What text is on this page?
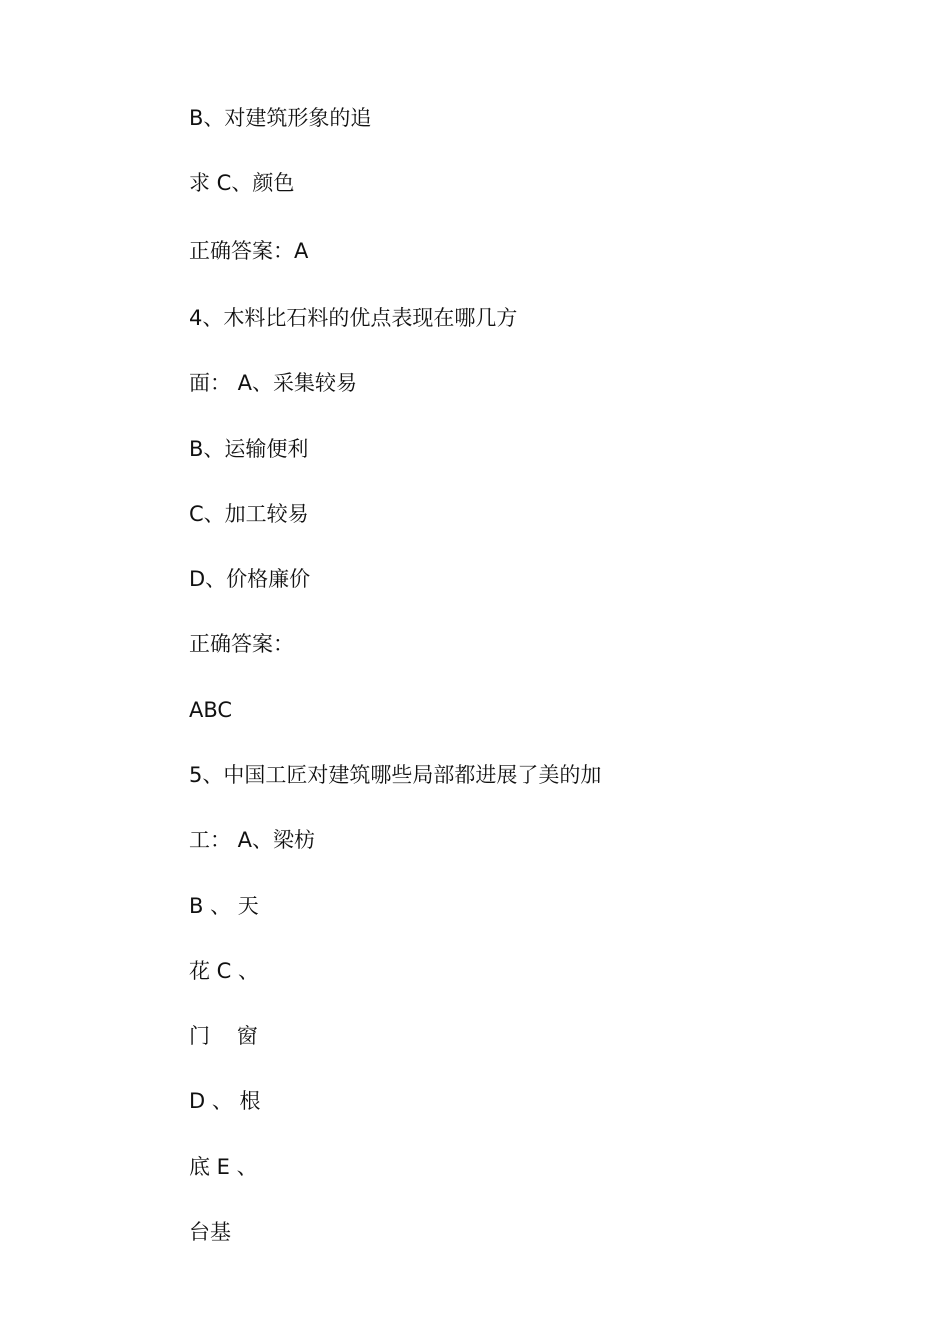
B、对建筑形象的追

求 C、颜色

正确答案：A

4、木料比石料的优点表现在哪几方

面： A、采集较易

B、运输便利

C、加工较易

D、价格廉价

正确答案：

ABC

5、中国工匠对建筑哪些局部都进展了美的加

工： A、梁枋

B 、 天

花 C 、

门    窗

D 、 根

底 E 、

台基
